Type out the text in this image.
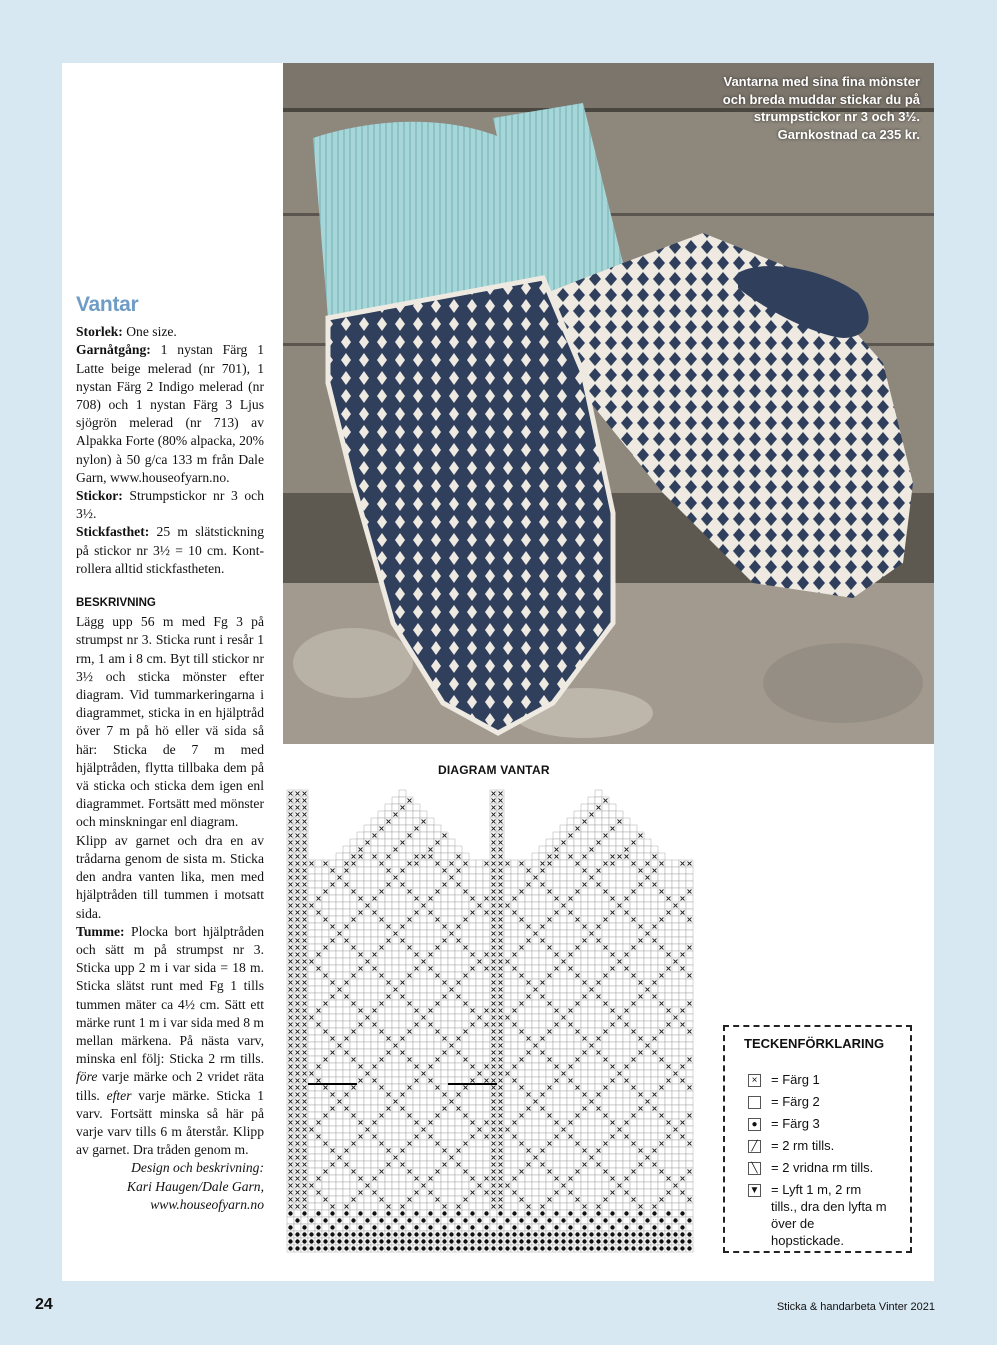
Vantar

Storlek: One size.

Garnåtgång: 1 nystan Färg 1 Latte beige melerad (nr 701), 1 nystan Färg 2 Indigo melerad (nr 708) och 1 nystan Färg 3 Ljus sjögrön melerad (nr 713) av Alpakka Forte (80% alpacka, 20% nylon) à 50 g/ca 133 m från Dale Garn, www.houseofyarn.no.

Stickor: Strumpstickor nr 3 och 3½.

Stickfasthet: 25 m slätstickning på stickor nr 3½ = 10 cm. Kontrollera alltid stickfastheten.

BESKRIVNING

Lägg upp 56 m med Fg 3 på strumpst nr 3. Sticka runt i resår 1 rm, 1 am i 8 cm. Byt till stickor nr 3½ och sticka mönster efter diagram. Vid tummarkeringarna i diagrammet, sticka in en hjälptråd över 7 m på hö eller vä sida så här: Sticka de 7 m med hjälptråden, flytta tillbaka dem på vä sticka och sticka dem igen enl diagrammet. Fortsätt med mönster och minskningar enl diagram.

Klipp av garnet och dra en av trådarna genom de sista m. Sticka den andra vanten lika, men med hjälptråden till tummen i motsatt sida.

Tumme: Plocka bort hjälptråden och sätt m på strumpst nr 3. Sticka upp 2 m i var sida = 18 m. Sticka slätst runt med Fg 1 tills tummen mäter ca 4½ cm. Sätt ett märke runt 1 m i var sida med 8 m mellan märkena. På nästa varv, minska enl följ: Sticka 2 rm tills. före varje märke och 2 vridet räta tills. efter varje märke. Sticka 1 varv. Fortsätt minska så här på varje varv tills 6 m återstår. Klipp av garnet. Dra tråden genom m.

Design och beskrivning:
Kari Haugen/Dale Garn,
www.houseofyarn.no
Vantarna med sina fina mönster och breda muddar stickar du på strumpstickor nr 3 och 3½. Garnkostnad ca 235 kr.
DIAGRAM VANTAR
TECKENFÖRKLARING
× = Färg 1
= Färg 2
● = Färg 3
╱ = 2 rm tills.
╲ = 2 vridna rm tills.
▼ = Lyft 1 m, 2 rm tills., dra den lyfta m över de hopstickade.
24	Sticka & handarbeta Vinter 2021
